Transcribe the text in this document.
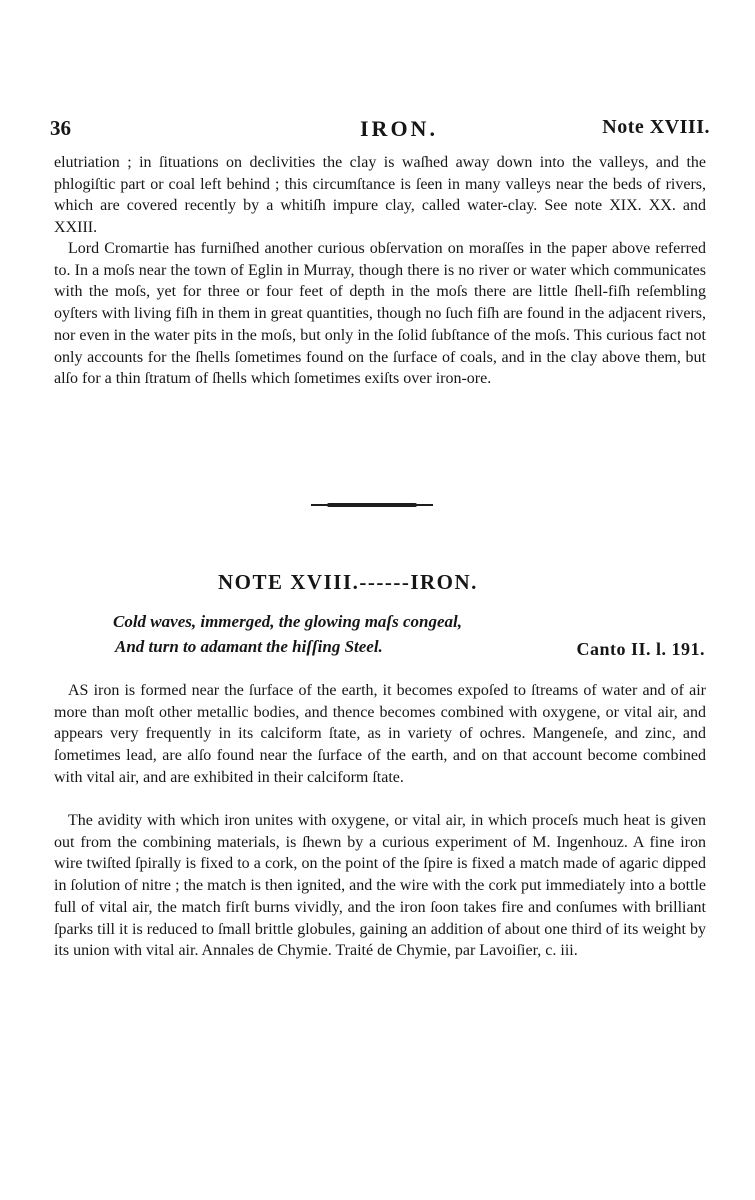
36	IRON.	Note XVIII.

elutriation ; in ſituations on declivities the clay is waſhed away down into the valleys, and the phlogiſtic part or coal left behind ; this circumſtance is ſeen in many valleys near the beds of rivers, which are covered recently by a whitiſh impure clay, called water-clay. See note XIX. XX. and XXIII.

Lord Cromartie has furniſhed another curious obſervation on moraſſes in the paper above referred to. In a moſs near the town of Eglin in Murray, though there is no river or water which communicates with the moſs, yet for three or four feet of depth in the moſs there are little ſhell-fiſh reſembling oyſters with living fiſh in them in great quantities, though no ſuch fiſh are found in the adjacent rivers, nor even in the water pits in the moſs, but only in the ſolid ſubſtance of the moſs. This curious fact not only accounts for the ſhells ſometimes found on the ſurface of coals, and in the clay above them, but alſo for a thin ſtratum of ſhells which ſometimes exiſts over iron-ore.

NOTE XVIII.------IRON.
Cold waves, immerged, the glowing maſs congeal,
And turn to adamant the hiſſing Steel.	Canto II. l. 191.

AS iron is formed near the ſurface of the earth, it becomes expoſed to ſtreams of water and of air more than moſt other metallic bodies, and thence becomes combined with oxygene, or vital air, and appears very frequently in its calciform ſtate, as in variety of ochres. Mangeneſe, and zinc, and ſometimes lead, are alſo found near the ſurface of the earth, and on that account become combined with vital air, and are exhibited in their calciform ſtate.

The avidity with which iron unites with oxygene, or vital air, in which proceſs much heat is given out from the combining materials, is ſhewn by a curious experiment of M. Ingenhouz. A fine iron wire twiſted ſpirally is fixed to a cork, on the point of the ſpire is fixed a match made of agaric dipped in ſolution of nitre ; the match is then ignited, and the wire with the cork put immediately into a bottle full of vital air, the match firſt burns vividly, and the iron ſoon takes fire and conſumes with brilliant ſparks till it is reduced to ſmall brittle globules, gaining an addition of about one third of its weight by its union with vital air. Annales de Chymie. Traité de Chymie, par Lavoiſier, c. iii.
